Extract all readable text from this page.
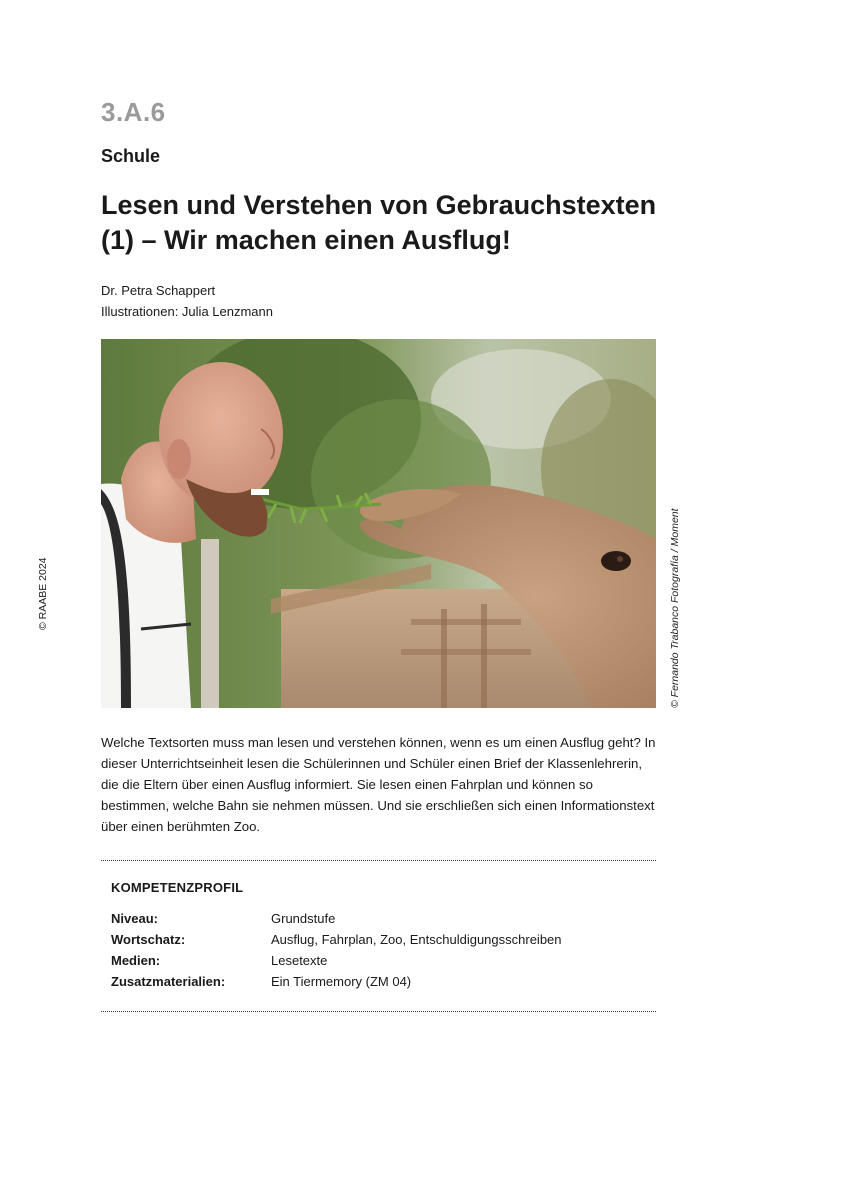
3.A.6
Schule
Lesen und Verstehen von Gebrauchstexten
(1) – Wir machen einen Ausflug!
Dr. Petra Schappert
Illustrationen: Julia Lenzmann
© Fernando Trabanco Fotografía / Moment
© RAABE 2024

Welche Textsorten muss man lesen und verstehen können, wenn es um einen Ausflug geht? In dieser Unterrichtseinheit lesen die Schülerinnen und Schüler einen Brief der Klassenlehrerin, die die Eltern über einen Ausflug informiert. Sie lesen einen Fahrplan und können so bestimmen, welche Bahn sie nehmen müssen. Und sie erschließen sich einen Informationstext über einen berühmten Zoo.

KOMPETENZPROFIL
Niveau:	Grundstufe
Wortschatz:	Ausflug, Fahrplan, Zoo, Entschuldigungsschreiben
Medien:	Lesetexte
Zusatzmaterialien:	Ein Tiermemory (ZM 04)
